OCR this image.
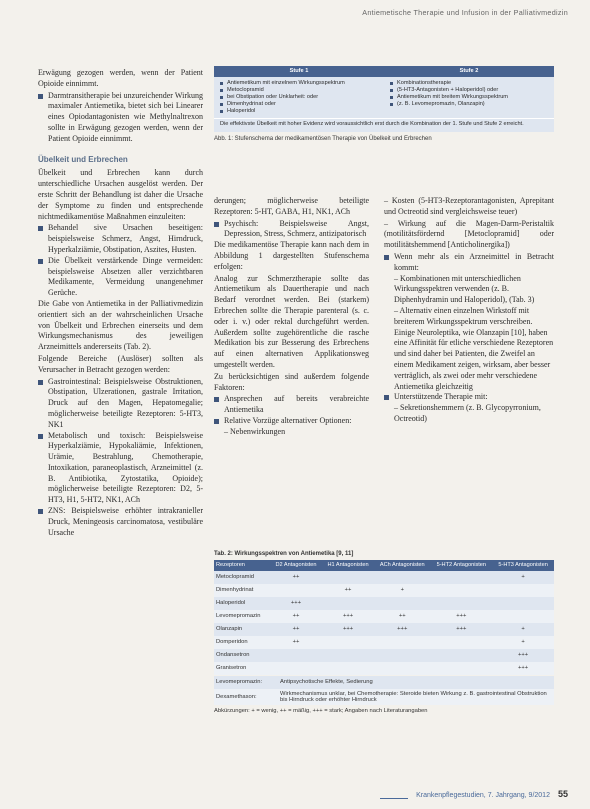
Antiemetische Therapie und Infusion in der Palliativmedizin
Stufe 1	Stufe 2
Antiemetikum mit einzelnem Wirkungsspektrum
Metoclopramid
bei Obstipation oder Unklarheit: oder
Dimenhydrinat oder
Haloperidol
Kombinationstherapie
(5-HT3-Antagonisten + Haloperidol) oder
Antiemetikum mit breitem Wirkungsspektrum
(z. B. Levomepromazin, Olanzapin)
Die effektivste Übelkeit mit hoher Evidenz wird voraussichtlich erst durch die Kombination der 1. Stufe und Stufe 2 erreicht.
Abb. 1: Stufenschema der medikamentösen Therapie von Übelkeit und Erbrechen

Erwägung gezogen werden, wenn der Patient Opioide einnimmt.

Darmtransitherapie bei unzureichender Wirkung maximaler Antiemetika, bietet sich bei Linearer eines Opiodantagonisten wie Methylnaltrexon sollte in Erwägung gezogen werden, wenn der Patient Opioide einnimmt.
Übelkeit und Erbrechen

Übelkeit und Erbrechen kann durch unterschiedliche Ursachen ausgelöst werden. Der erste Schritt der Behandlung ist daher die Ursache der Symptome zu finden und entsprechende nichtmedikamentöse Maßnahmen einzuleiten:

Behandel sive Ursachen beseitigen: beispielsweise Schmerz, Angst, Hirndruck, Hyperkalziämie, Obstipation, Aszites, Husten.
Die Übelkeit verstärkende Dinge vermeiden: beispielsweise Absetzen aller verzichtbaren Medikamente, Vermeidung unangenehmer Gerüche.

Die Gabe von Antiemetika in der Palliativmedizin orientiert sich an der wahrscheinlichen Ursache von Übelkeit und Erbrechen einerseits und dem Wirkungsmechanismus des jeweiligen Arzneimittels andererseits (Tab. 2).

Folgende Bereiche (Auslöser) sollten als Verursacher in Betracht gezogen werden:

Gastrointestinal: Beispielsweise Obstruktionen, Obstipation, Ulzerationen, gastrale Irritation, Druck auf den Magen, Hepatomegalie; möglicherweise beteiligte Rezeptoren: 5-HT3, NK1
Metabolisch und toxisch: Beispielsweise Hyperkalziämie, Hypokaliämie, Infektionen, Urämie, Bestrahlung, Chemotherapie, Intoxikation, paraneoplastisch, Arzneimittel (z. B. Antibiotika, Zytostatika, Opioide); möglicherweise beteiligte Rezeptoren: D2, 5-HT3, H1, 5-HT2, NK1, ACh
ZNS: Beispielsweise erhöhter intrakranieller Druck, Meningeosis carcinomatosa, vestibuläre Ursache

derungen; möglicherweise beteiligte Rezeptoren: 5-HT, GABA, H1, NK1, ACh

Psychisch: Beispielsweise Angst, Depression, Stress, Schmerz, antizipatorisch

Die medikamentöse Therapie kann nach dem in Abbildung 1 dargestellten Stufenschema erfolgen:

Analog zur Schmerztherapie sollte das Antiemetikum als Dauertherapie und nach Bedarf verordnet werden. Bei (starkem) Erbrechen sollte die Therapie parenteral (s. c. oder i. v.) oder rektal durchgeführt werden. Außerdem sollte zugehörentliche die rasche Medikation bis zur Besserung des Erbrechens auf einen alternativen Applikationsweg umgestellt werden.

Zu berücksichtigen sind außerdem folgende Faktoren:

Ansprechen auf bereits verabreichte Antiemetika
Relative Vorzüge alternativer Optionen:
– Nebenwirkungen

– Kosten (5-HT3-Rezeptorantagonisten, Aprepitant und Octreotid sind vergleichsweise teuer)

– Wirkung auf die Magen-Darm-Peristaltik (motilitätsfördernd [Metoclopramid] oder motilitätshemmend [Anticholinergika])

Wenn mehr als ein Arzneimittel in Betracht kommt:
– Kombinationen mit unterschiedlichen Wirkungsspektren verwenden (z. B. Diphenhydramin und Haloperidol), (Tab. 3)
– Alternativ einen einzelnen Wirkstoff mit breiterem Wirkungsspektrum verschreiben. Einige Neuroleptika, wie Olanzapin [10], haben eine Affinität für etliche verschiedene Rezeptoren und sind daher bei Patienten, die Zweifel an einem Medikament zeigen, wirksam, aber besser verträglich, als zwei oder mehr verschiedene Antiemetika gleichzeitig
Unterstützende Therapie mit:
– Sekretionshemmern (z. B. Glycopyrronium, Octreotid)
Tab. 2: Wirkungsspektren von Antiemetika [9, 11]
Rezeptoren	D2 Antagonisten	H1 Antagonisten	ACh Antagonisten	5-HT2 Antagonisten	5-HT3 Antagonisten
Metoclopramid	++				+
Dimenhydrinat		++	+		
Haloperidol	+++				
Levomepromazin	++	+++	++	+++	
Olanzapin	++	+++	+++	+++	+
Domperidon	++				+
Ondansetron					+++
Granisetron					+++
Levomepromazin:	Antipsychotische Effekte, Sedierung
Dexamethason:	Wirkmechanismus unklar, bei Chemotherapie: Steroide bieten Wirkung z. B. gastrointestinal Obstruktion bis Hirndruck oder erhöhter Hirndruck
Abkürzungen: + = wenig, ++ = mäßig, +++ = stark; Angaben nach Literaturangaben
Krankenpflegestudien, 7. Jahrgang, 9/2012 55
